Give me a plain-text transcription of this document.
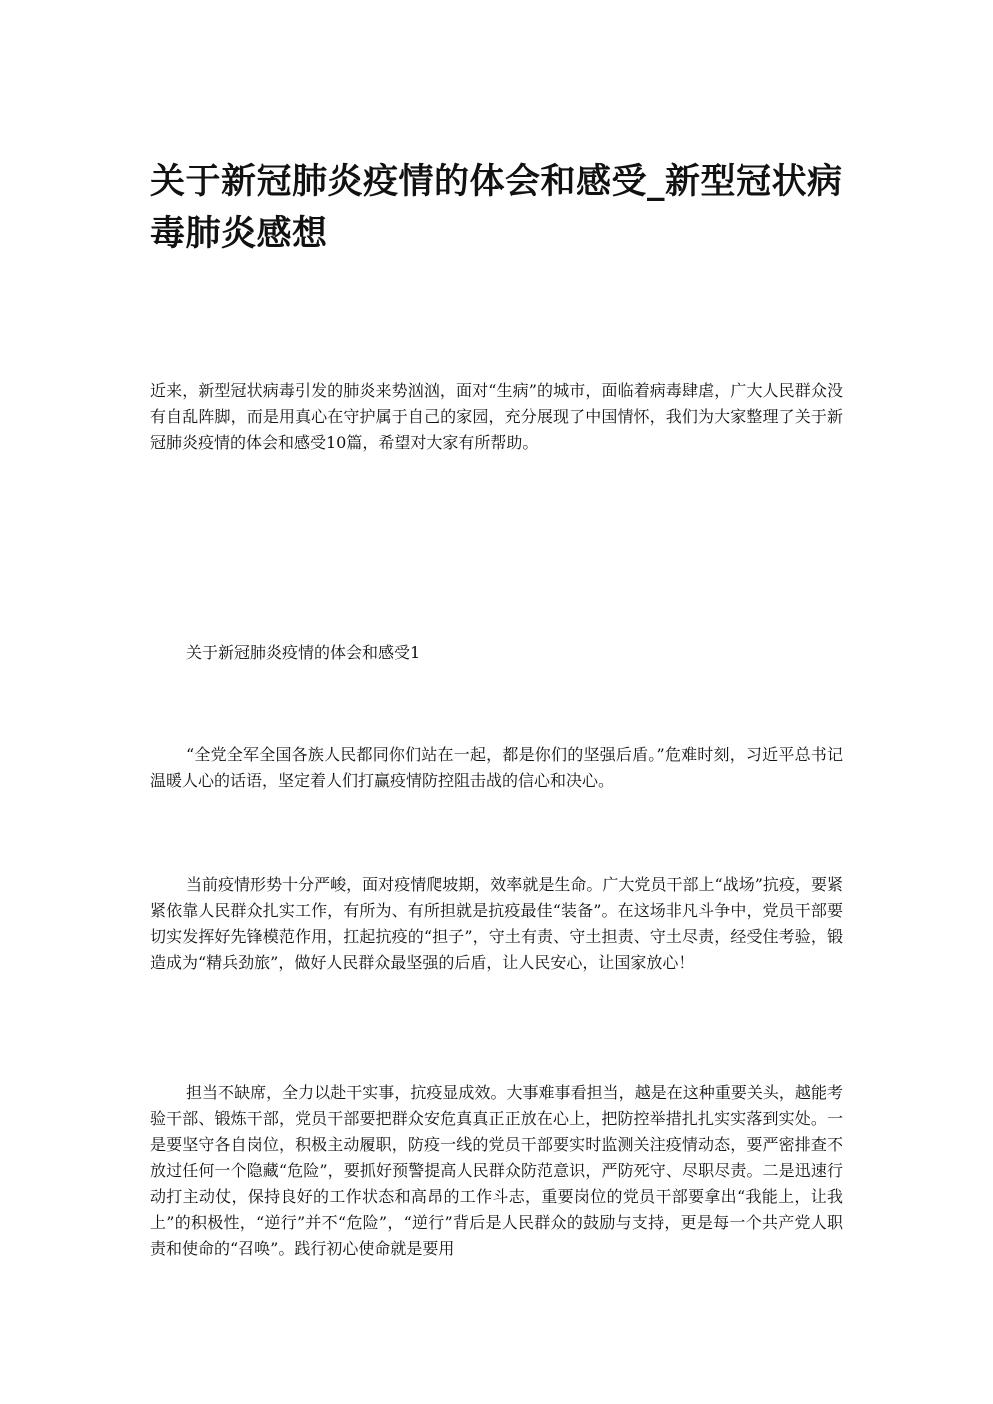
关于新冠肺炎疫情的体会和感受_新型冠状病毒肺炎感想

近来，新型冠状病毒引发的肺炎来势汹汹，面对“生病”的城市，面临着病毒肆虐，广大人民群众没有自乱阵脚，而是用真心在守护属于自己的家园，充分展现了中国情怀，我们为大家整理了关于新冠肺炎疫情的体会和感受10篇，希望对大家有所帮助。

关于新冠肺炎疫情的体会和感受1

“全党全军全国各族人民都同你们站在一起，都是你们的坚强后盾。”危难时刻，习近平总书记温暖人心的话语，坚定着人们打赢疫情防控阻击战的信心和决心。

当前疫情形势十分严峻，面对疫情爬坡期，效率就是生命。广大党员干部上“战场”抗疫，要紧紧依靠人民群众扎实工作，有所为、有所担就是抗疫最佳“装备”。在这场非凡斗争中，党员干部要切实发挥好先锋模范作用，扛起抗疫的“担子”，守土有责、守土担责、守土尽责，经受住考验，锻造成为“精兵劲旅”，做好人民群众最坚强的后盾，让人民安心，让国家放心！

担当不缺席，全力以赴干实事，抗疫显成效。大事难事看担当，越是在这种重要关头，越能考验干部、锻炼干部，党员干部要把群众安危真真正正放在心上，把防控举措扎扎实实落到实处。一是要坚守各自岗位，积极主动履职，防疫一线的党员干部要实时监测关注疫情动态，要严密排查不放过任何一个隐藏“危险”，要抓好预警提高人民群众防范意识，严防死守、尽职尽责。二是迅速行动打主动仗，保持良好的工作状态和高昂的工作斗志，重要岗位的党员干部要拿出“我能上，让我上”的积极性，“逆行”并不“危险”，“逆行”背后是人民群众的鼓励与支持，更是每一个共产党人职责和使命的“召唤”。践行初心使命就是要用
